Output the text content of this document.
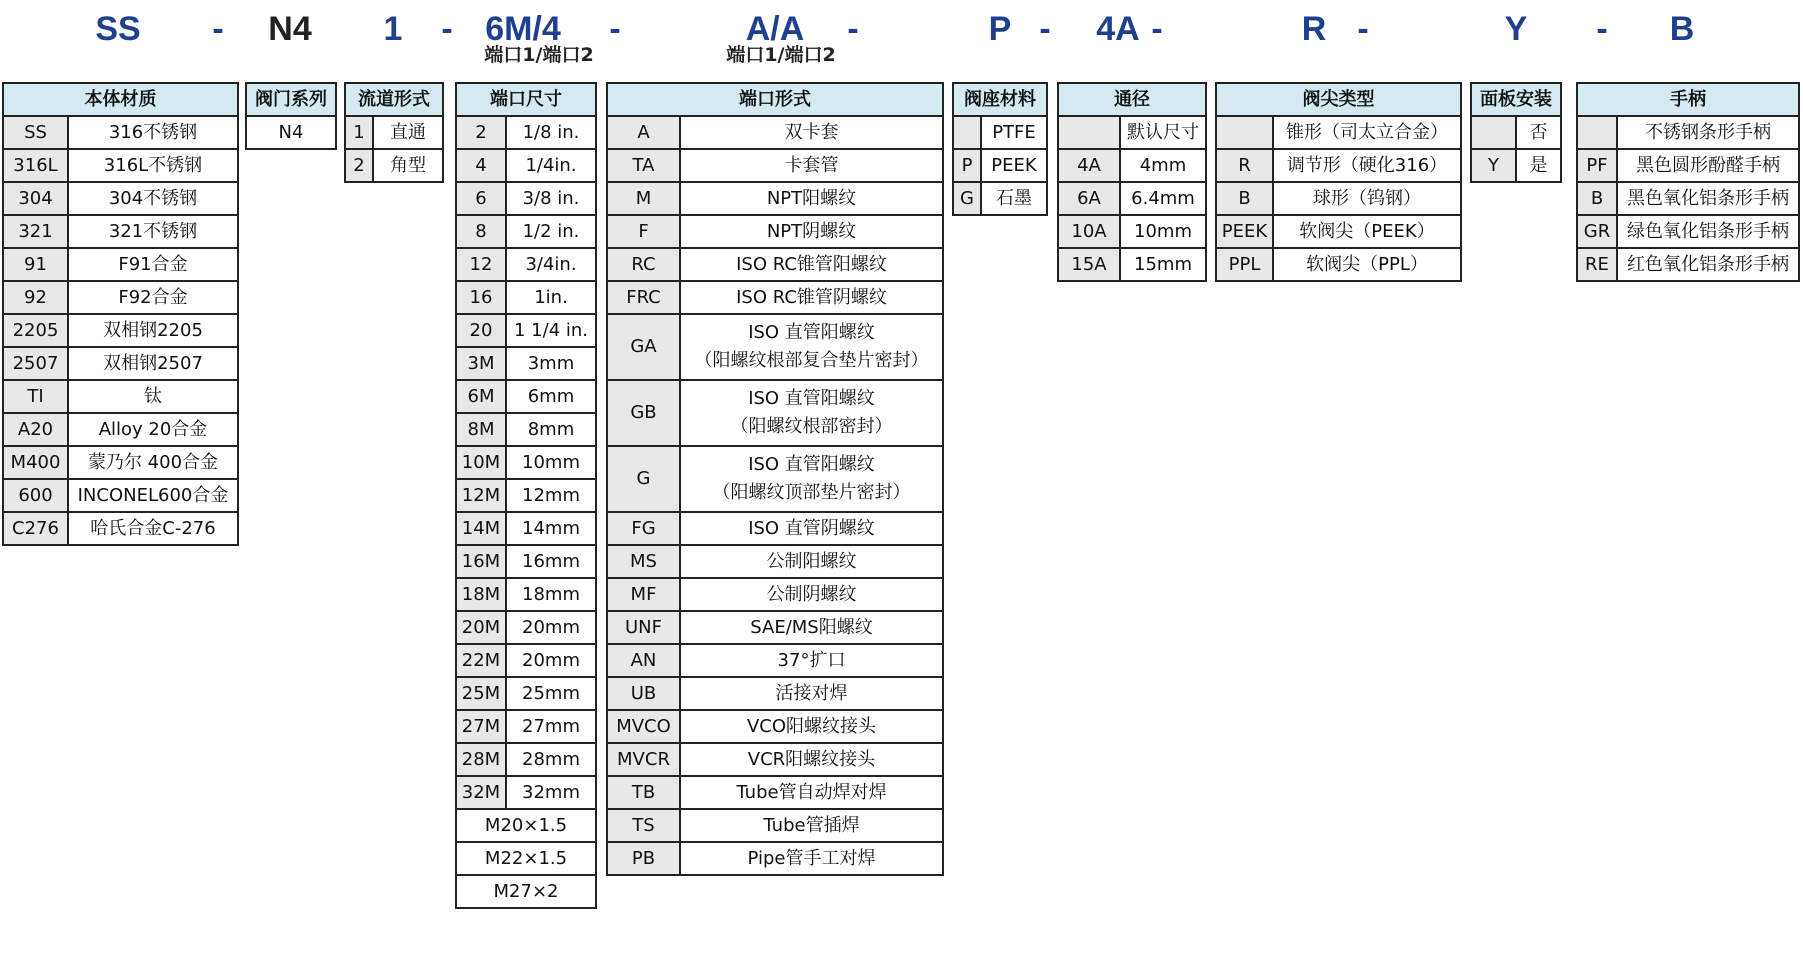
SS - N4 1 - 6M/4 -	A/A -	P - 4A -	R -	Y - B
端口1/端口2	端口1/端口2
本体材质	
SS	316不锈钢
316L	316L不锈钢
304	304不锈钢
321	321不锈钢
91	F91合金
92	F92合金
2205	双相钢2205
2507	双相钢2507
TI	钛
A20	Alloy 20合金
M400	蒙乃尔 400合金
600	INCONEL600合金
C276	哈氏合金C-276
阀门系列
N4
流道形式	
1	直通
2	角型
端口尺寸	
2	1/8 in.
4	1/4in.
6	3/8 in.
8	1/2 in.
12	3/4in.
16	1in.
20	1 1/4 in.
3M	3mm
6M	6mm
8M	8mm
10M	10mm
12M	12mm
14M	14mm
16M	16mm
18M	18mm
20M	20mm
22M	20mm
25M	25mm
27M	27mm
28M	28mm
32M	32mm
M20×1.5	
M22×1.5	
M27×2	
端口形式	
A	双卡套

TA	卡套管

M	NPT阳螺纹

F	NPT阴螺纹

RC	ISO RC锥管阳螺纹

FRC	ISO RC锥管阴螺纹

GA	ISO 直管阳螺纹
（阳螺纹根部复合垫片密封）

GB	ISO 直管阳螺纹
（阳螺纹根部密封）

G	ISO 直管阳螺纹
（阳螺纹顶部垫片密封）

FG	ISO 直管阴螺纹

MS	公制阳螺纹

MF	公制阴螺纹

UNF	SAE/MS阳螺纹

AN	37°扩口

UB	活接对焊

MVCO	VCO阳螺纹接头

MVCR	VCR阳螺纹接头

TB	Tube管自动焊对焊

TS	Tube管插焊

PB	Pipe管手工对焊
阀座材料	
	PTFE
P	PEEK
G	石墨
通径	
	默认尺寸
4A	4mm
6A	6.4mm
10A	10mm
15A	15mm
阀尖类型	
	锥形（司太立合金）
R	调节形（硬化316）
B	球形（钨钢）
PEEK	软阀尖（PEEK）
PPL	软阀尖（PPL）
面板安装	
	否
Y	是
手柄	
	不锈钢条形手柄
PF	黑色圆形酚醛手柄
B	黑色氧化铝条形手柄
GR	绿色氧化铝条形手柄
RE	红色氧化铝条形手柄
